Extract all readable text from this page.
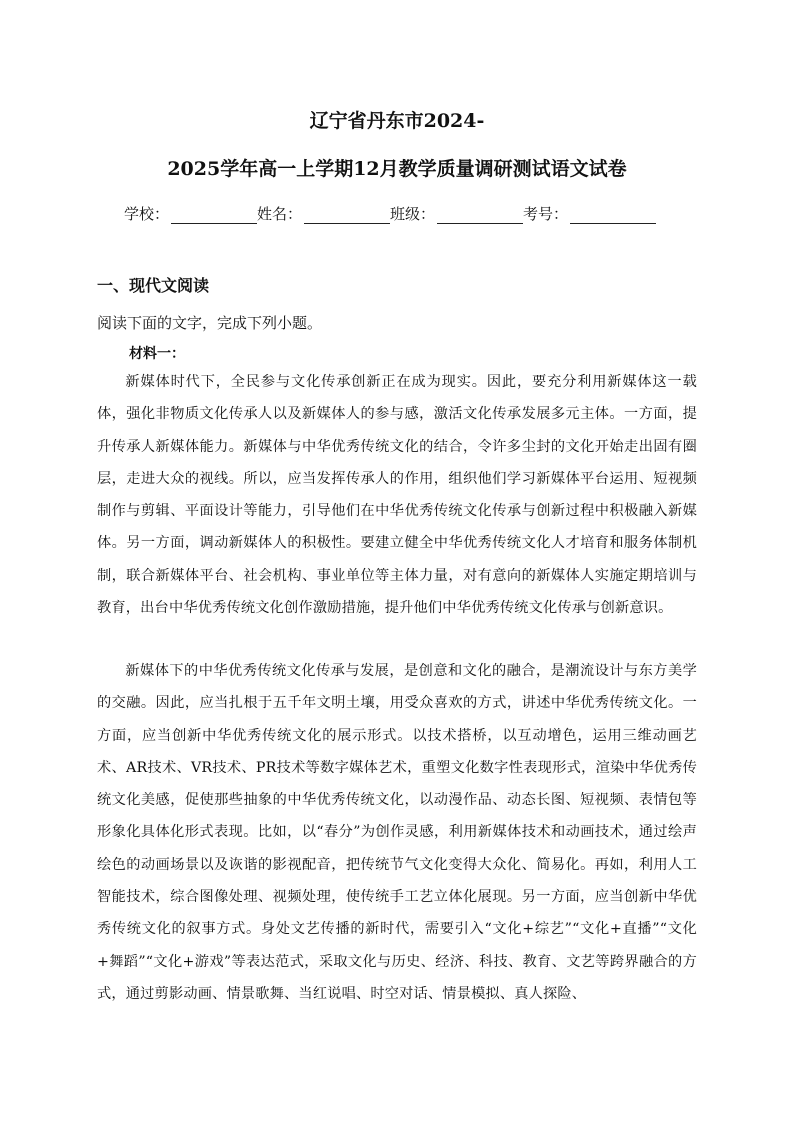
辽宁省丹东市2024-
2025学年高一上学期12月教学质量调研测试语文试卷
学校：	姓名：	班级：	考号：
一、现代文阅读
阅读下面的文字，完成下列小题。
材料一：

新媒体时代下，全民参与文化传承创新正在成为现实。因此，要充分利用新媒体这一载体，强化非物质文化传承人以及新媒体人的参与感，激活文化传承发展多元主体。一方面，提升传承人新媒体能力。新媒体与中华优秀传统文化的结合，令许多尘封的文化开始走出固有圈层，走进大众的视线。所以，应当发挥传承人的作用，组织他们学习新媒体平台运用、短视频制作与剪辑、平面设计等能力，引导他们在中华优秀传统文化传承与创新过程中积极融入新媒体。另一方面，调动新媒体人的积极性。要建立健全中华优秀传统文化人才培育和服务体制机制，联合新媒体平台、社会机构、事业单位等主体力量，对有意向的新媒体人实施定期培训与教育，出台中华优秀传统文化创作激励措施，提升他们中华优秀传统文化传承与创新意识。

新媒体下的中华优秀传统文化传承与发展，是创意和文化的融合，是潮流设计与东方美学的交融。因此，应当扎根于五千年文明土壤，用受众喜欢的方式，讲述中华优秀传统文化。一方面，应当创新中华优秀传统文化的展示形式。以技术搭桥，以互动增色，运用三维动画艺术、AR技术、VR技术、PR技术等数字媒体艺术，重塑文化数字性表现形式，渲染中华优秀传统文化美感，促使那些抽象的中华优秀传统文化，以动漫作品、动态长图、短视频、表情包等形象化具体化形式表现。比如，以“春分”为创作灵感，利用新媒体技术和动画技术，通过绘声绘色的动画场景以及诙谐的影视配音，把传统节气文化变得大众化、简易化。再如，利用人工智能技术，综合图像处理、视频处理，使传统手工艺立体化展现。另一方面，应当创新中华优秀传统文化的叙事方式。身处文艺传播的新时代，需要引入“文化+综艺”“文化+直播”“文化+舞蹈”“文化+游戏”等表达范式，采取文化与历史、经济、科技、教育、文艺等跨界融合的方式，通过剪影动画、情景歌舞、当红说唱、时空对话、情景模拟、真人探险、
